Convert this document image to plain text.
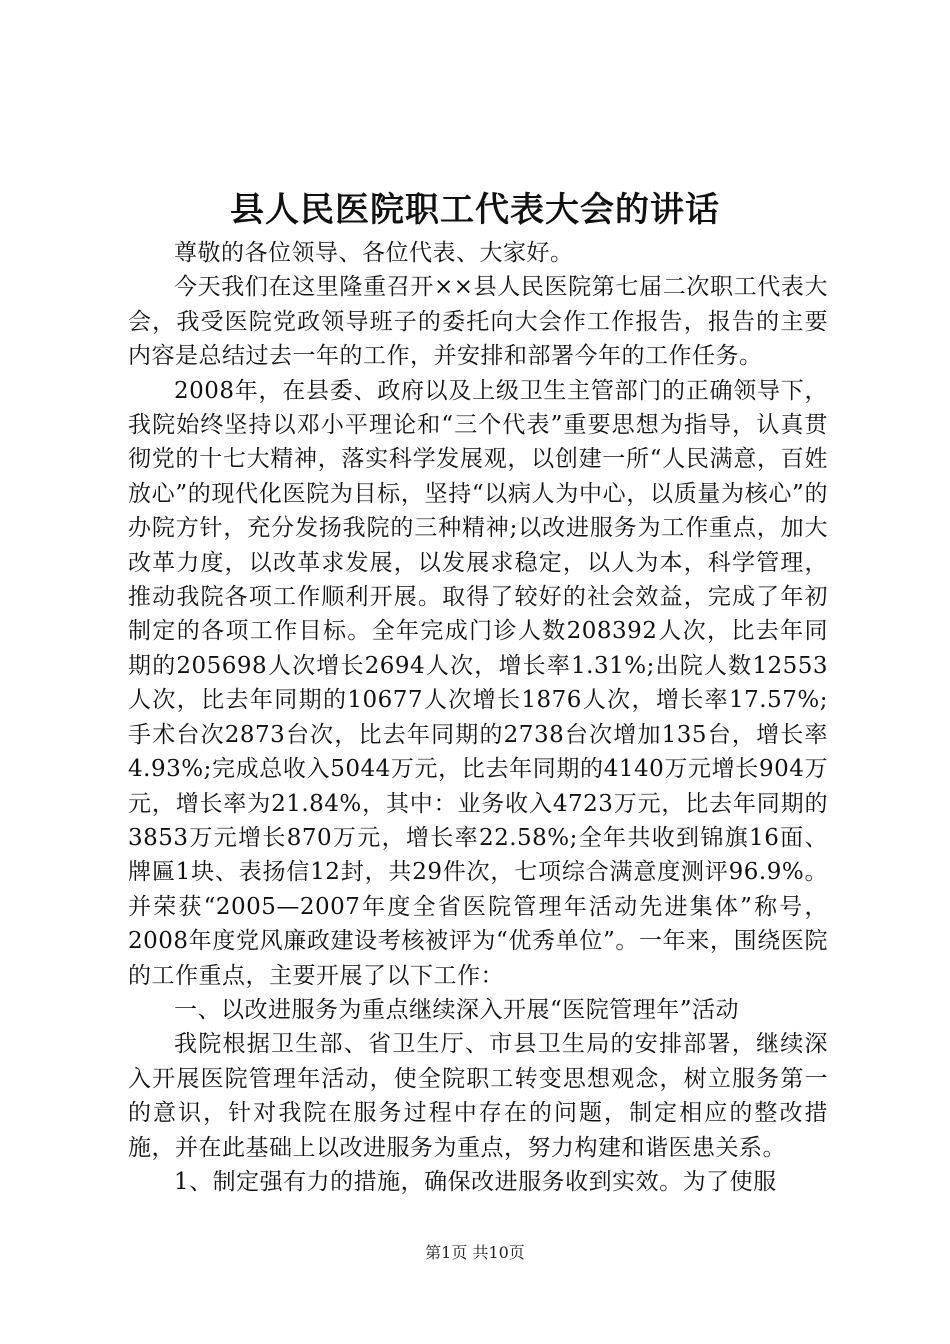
县人民医院职工代表大会的讲话

尊敬的各位领导、各位代表、大家好。

今天我们在这里隆重召开××县人民医院第七届二次职工代表大会，我受医院党政领导班子的委托向大会作工作报告，报告的主要内容是总结过去一年的工作，并安排和部署今年的工作任务。

2008年，在县委、政府以及上级卫生主管部门的正确领导下，我院始终坚持以邓小平理论和“三个代表”重要思想为指导，认真贯彻党的十七大精神，落实科学发展观，以创建一所“人民满意，百姓放心”的现代化医院为目标，坚持“以病人为中心，以质量为核心”的办院方针，充分发扬我院的三种精神;以改进服务为工作重点，加大改革力度，以改革求发展，以发展求稳定，以人为本，科学管理，推动我院各项工作顺利开展。取得了较好的社会效益，完成了年初制定的各项工作目标。全年完成门诊人数208392人次，比去年同期的205698人次增长2694人次，增长率1.31%;出院人数12553人次，比去年同期的10677人次增长1876人次，增长率17.57%;手术台次2873台次，比去年同期的2738台次增加135台，增长率4.93%;完成总收入5044万元，比去年同期的4140万元增长904万元，增长率为21.84%，其中：业务收入4723万元，比去年同期的3853万元增长870万元，增长率22.58%;全年共收到锦旗16面、牌匾1块、表扬信12封，共29件次，七项综合满意度测评96.9%。并荣获“2005—2007年度全省医院管理年活动先进集体”称号，2008年度党风廉政建设考核被评为“优秀单位”。一年来，围绕医院的工作重点，主要开展了以下工作：

一、以改进服务为重点继续深入开展“医院管理年”活动

我院根据卫生部、省卫生厅、市县卫生局的安排部署，继续深入开展医院管理年活动，使全院职工转变思想观念，树立服务第一的意识，针对我院在服务过程中存在的问题，制定相应的整改措施，并在此基础上以改进服务为重点，努力构建和谐医患关系。

1、制定强有力的措施，确保改进服务收到实效。为了使服

第1页 共10页
